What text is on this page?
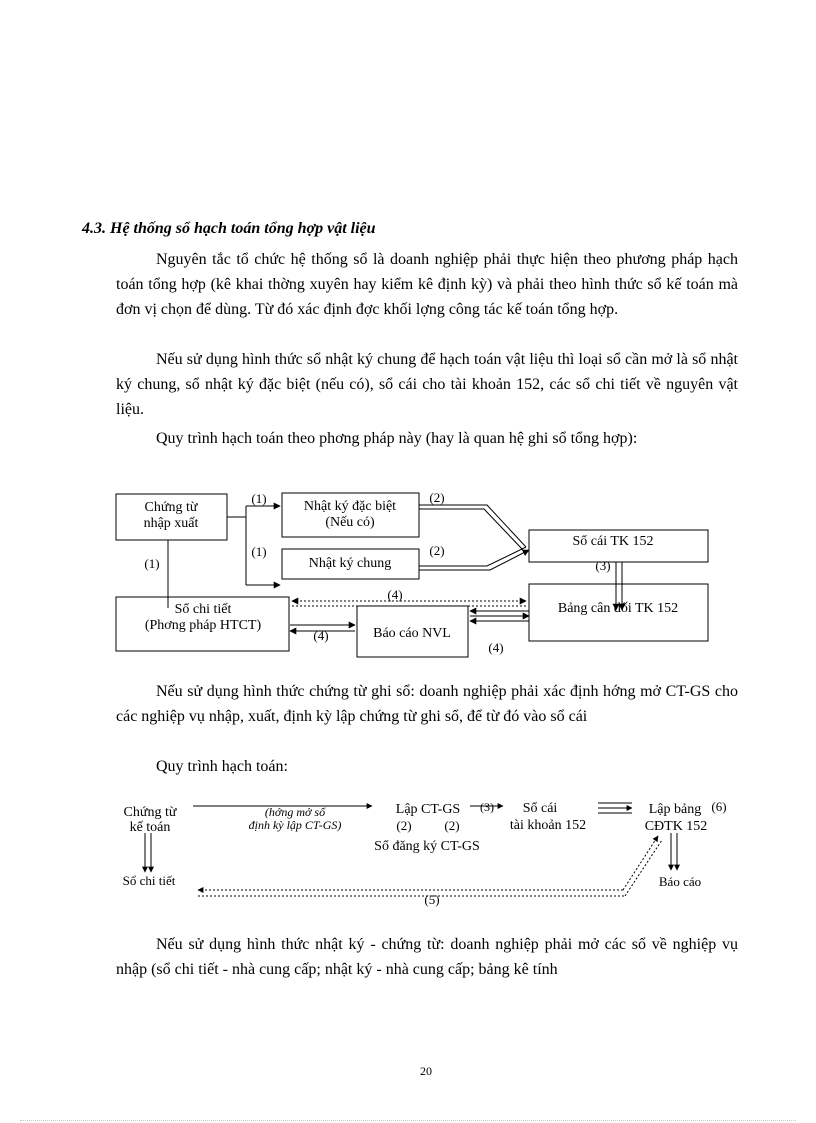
4.3. Hệ thống sổ hạch toán tổng hợp vật liệu

Nguyên tắc tổ chức hệ thống sổ là doanh nghiệp phải thực hiện theo phương pháp hạch toán tổng hợp (kê khai thờng xuyên hay kiểm kê định kỳ) và phải theo hình thức sổ kế toán mà đơn vị chọn để dùng. Từ đó xác định đợc khối lợng công tác kế toán tổng hợp.

Nếu sử dụng hình thức sổ nhật ký chung để hạch toán vật liệu thì loại sổ cần mở là sổ nhật ký chung, sổ nhật ký đặc biệt (nếu có), sổ cái cho tài khoản 152, các sổ chi tiết về nguyên vật liệu.

Quy trình hạch toán theo phơng pháp này (hay là quan hệ ghi sổ tổng hợp):

Chứng từ
nhập xuất
Nhật ký đặc biệt
(Nếu có)
Nhật ký chung
Sổ cái TK 152
Bảng cân đối TK 152
Sổ chi tiết
(Phơng pháp HTCT)
Báo cáo NVL
(1)
(1)
(1)
(2)
(2)
(3)
(4)
(4)
(4)

Nếu sử dụng hình thức chứng từ ghi sổ: doanh nghiệp phải xác định hớng mở CT-GS cho các nghiệp vụ nhập, xuất, định kỳ lập chứng từ ghi sổ, để từ đó vào sổ cái

Quy trình hạch toán:

Chứng từ
kế toán
(hớng mở sổ
định kỳ lập CT-GS)
Lập CT-GS
(2)	(2)
(3) Sổ cái
tài khoản 152
Lập bảng (6)
CĐTK 152
Sổ đăng ký CT-GS
Sổ chi tiết	Báo cáo
(5)

Nếu sử dụng hình thức nhật ký - chứng từ: doanh nghiệp phải mở các sổ về nghiệp vụ nhập (sổ chi tiết - nhà cung cấp; nhật ký - nhà cung cấp; bảng kê tính

20
